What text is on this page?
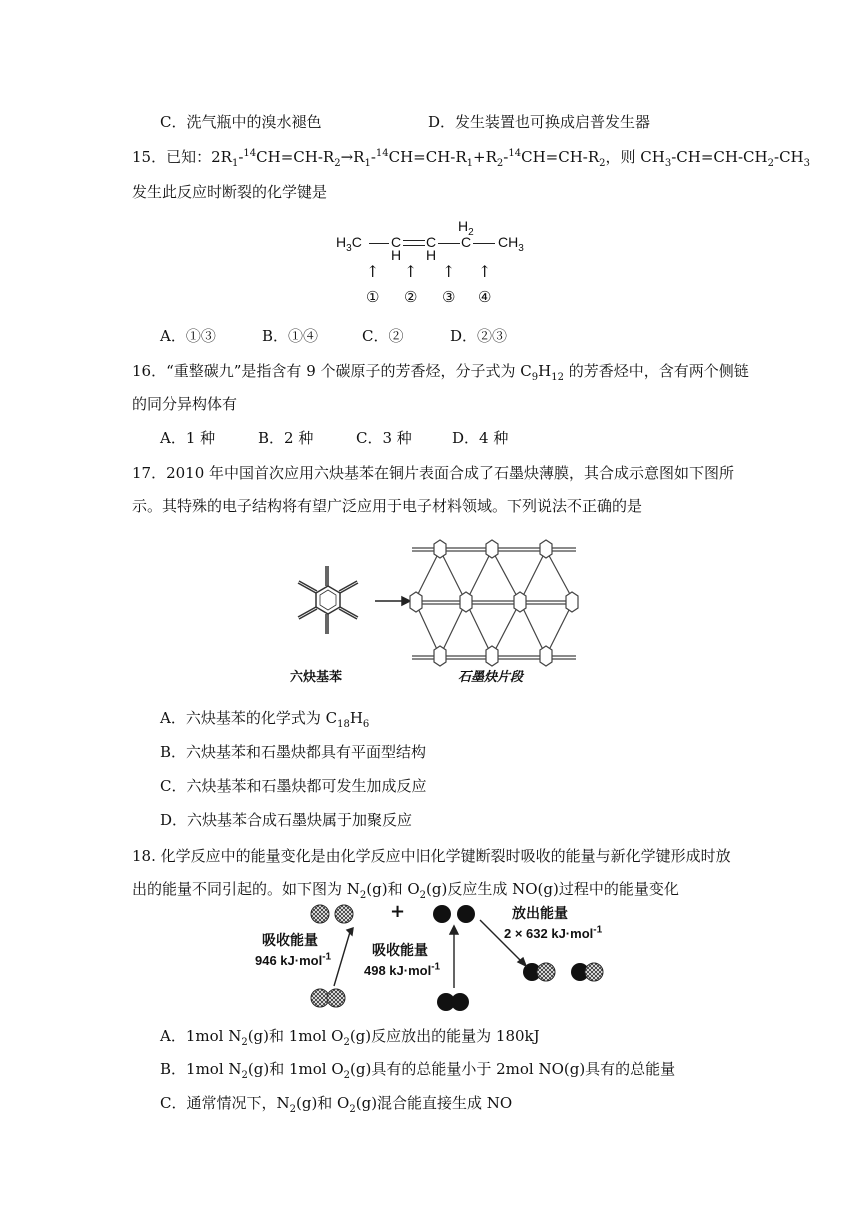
C．洗气瓶中的溴水褪色	D．发生装置也可换成启普发生器
15．已知：$2R_1-^{14}CH=CH-R_2\to R_1-^{14}CH=CH-R_1+R_2-^{14}CH=CH-R_2$，则 $CH_3-CH=CH-CH_2-CH_3$
发生此反应时断裂的化学键是
$H_3C$ C
H
C
H
$H_2$
C $CH_3$
↑ ↑ ↑ ↑
① ② ③ ④
A．①③	B．①④	C．②	D．②③
16．“重整碳九”是指含有 9 个碳原子的芳香烃，分子式为 $C_9H_{12}$ 的芳香烃中，含有两个侧链
的同分异构体有
A．1 种	B．2 种	C．3 种	D．4 种
17．2010 年中国首次应用六炔基苯在铜片表面合成了石墨炔薄膜，其合成示意图如下图所
示。其特殊的电子结构将有望广泛应用于电子材料领域。下列说法不正确的是
六炔基苯	石墨炔片段
A．六炔基苯的化学式为 $C_{18}H_6$
B．六炔基苯和石墨炔都具有平面型结构
C．六炔基苯和石墨炔都可发生加成反应
D．六炔基苯合成石墨炔属于加聚反应
18. 化学反应中的能量变化是由化学反应中旧化学键断裂时吸收的能量与新化学键形成时放
出的能量不同引起的。如下图为 $N_2(g)$和 $O_2(g)$反应生成 NO(g)过程中的能量变化
+
吸收能量
946 kJ·mol$^{-1}$	吸收能量
498 kJ·mol$^{-1}$
放出能量
2 × 632 kJ·mol$^{-1}$
A．1mol $N_2(g)$和 1mol $O_2(g)$反应放出的能量为 180kJ
B．1mol $N_2(g)$和 1mol $O_2(g)$具有的总能量小于 2mol NO(g)具有的总能量
C．通常情况下，$N_2(g)$和 $O_2(g)$混合能直接生成 NO
